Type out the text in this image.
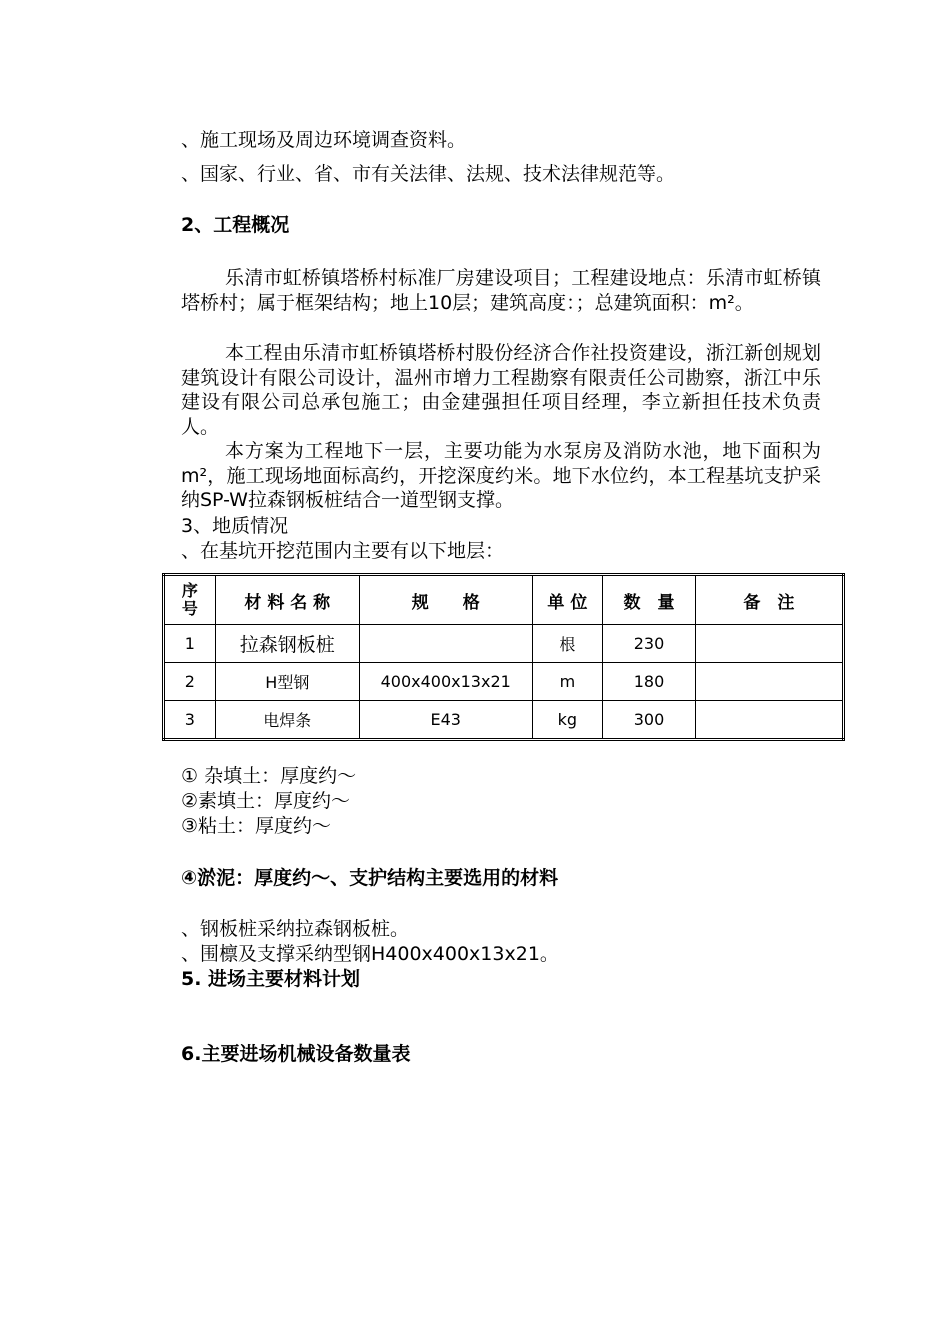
、施工现场及周边环境调查资料。
、国家、行业、省、市有关法律、法规、技术法律规范等。
2、工程概况
乐清市虹桥镇塔桥村标准厂房建设项目；工程建设地点：乐清市虹桥镇塔桥村；属于框架结构；地上10层；建筑高度：；总建筑面积：m²。
本工程由乐清市虹桥镇塔桥村股份经济合作社投资建设，浙江新创规划建筑设计有限公司设计，温州市增力工程勘察有限责任公司勘察，浙江中乐建设有限公司总承包施工；由金建强担任项目经理，李立新担任技术负责人。
本方案为工程地下一层，主要功能为水泵房及消防水池，地下面积为m²，施工现场地面标高约，开挖深度约米。地下水位约，本工程基坑支护采纳SP-W拉森钢板桩结合一道型钢支撑。
3、地质情况
、在基坑开挖范围内主要有以下地层：
序
号	材 料 名 称	规　　格	单 位	数　量	备　注
1	拉森钢板桩		根	230	
2	H型钢	400x400x13x21	m	180	
3	电焊条	E43	kg	300	
① 杂填土：厚度约～
②素填土：厚度约～
③粘土：厚度约～
④淤泥：厚度约～、支护结构主要选用的材料
、钢板桩采纳拉森钢板桩。
、围檩及支撑采纳型钢H400x400x13x21。
5. 进场主要材料计划
6.主要进场机械设备数量表
